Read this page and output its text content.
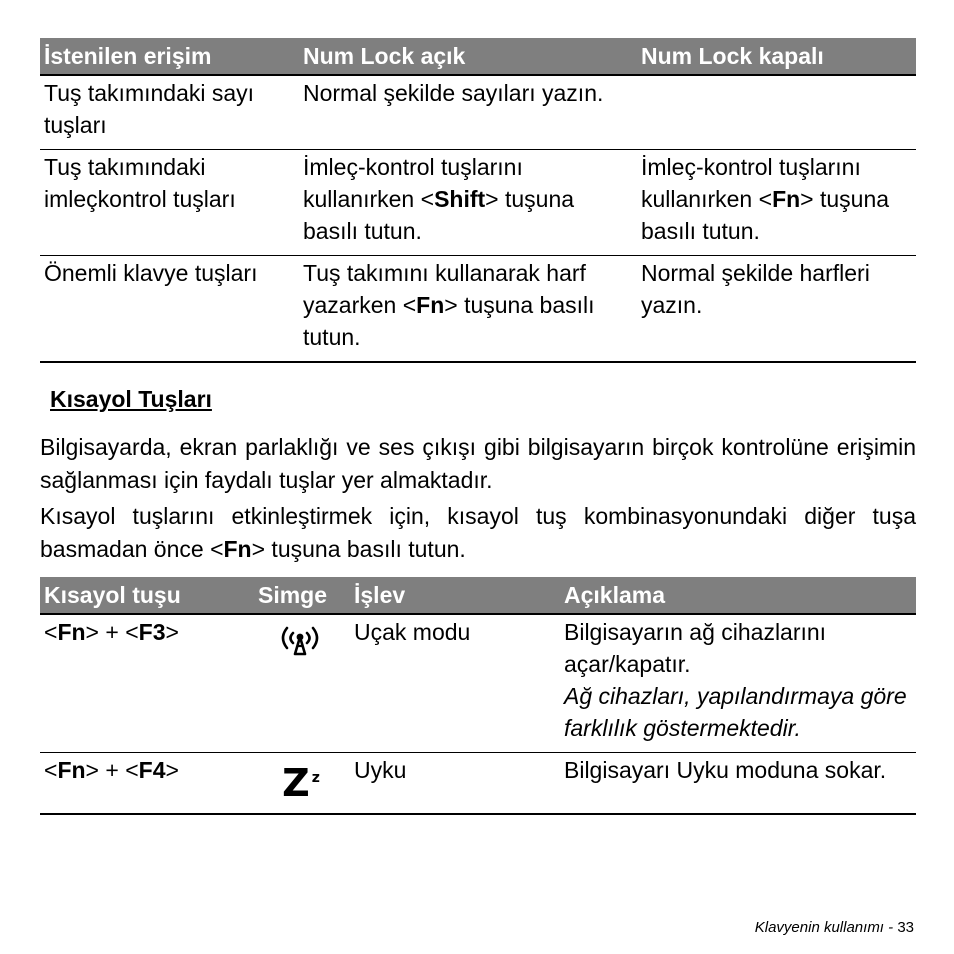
İstenilen erişim	Num Lock açık	Num Lock kapalı
Tuş takımındaki sayı tuşları	Normal şekilde sayıları yazın.	
Tuş takımındaki imleçkontrol tuşları	İmleç-kontrol tuşlarını kullanırken <Shift> tuşuna basılı tutun.	İmleç-kontrol tuşlarını kullanırken <Fn> tuşuna basılı tutun.
Önemli klavye tuşları	Tuş takımını kullanarak harf yazarken <Fn> tuşuna basılı tutun.	Normal şekilde harfleri yazın.
Kısayol Tuşları

Bilgisayarda, ekran parlaklığı ve ses çıkışı gibi bilgisayarın birçok kontrolüne erişimin sağlanması için faydalı tuşlar yer almaktadır.

Kısayol tuşlarını etkinleştirmek için, kısayol tuş kombinasyonundaki diğer tuşa basmadan önce <Fn> tuşuna basılı tutun.

Kısayol tuşu	Simge	İşlev	Açıklama
<Fn> + <F3>		Uçak modu	Bilgisayarın ağ cihazlarını açar/kapatır.
Ağ cihazları, yapılandırmaya göre farklılık göstermektedir.

<Fn> + <F4>	Z $^z$	Uyku	Bilgisayarı Uyku moduna sokar.
Klavyenin kullanımı - 33
